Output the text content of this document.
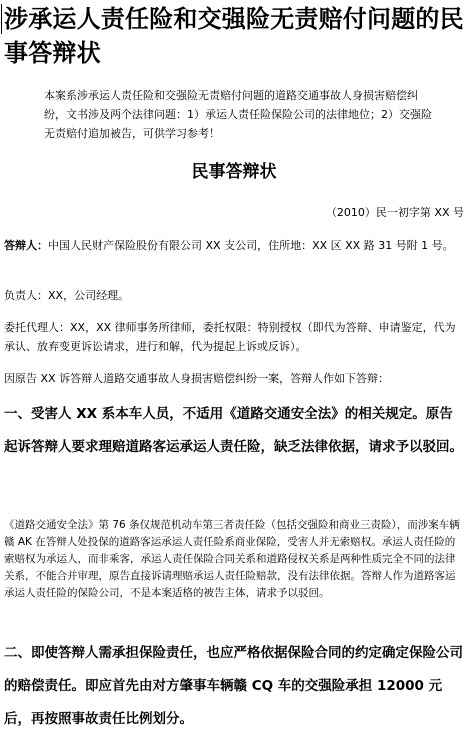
涉承运人责任险和交强险无责赔付问题的民事答辩状

本案系涉承运人责任险和交强险无责赔付问题的道路交通事故人身损害赔偿纠纷，文书涉及两个法律问题：1）承运人责任险保险公司的法律地位；2）交强险无责赔付追加被告，可供学习参考！

民事答辩状

（2010）民一初字第 XX 号

答辩人：中国人民财产保险股份有限公司 XX 支公司，住所地：XX 区 XX 路 31 号附 1 号。

负责人：XX，公司经理。

委托代理人：XX，XX 律师事务所律师，委托权限：特别授权（即代为答辩、申请鉴定，代为承认、放弃变更诉讼请求，进行和解，代为提起上诉或反诉）。

因原告 XX 诉答辩人道路交通事故人身损害赔偿纠纷一案，答辩人作如下答辩：

一、受害人 XX 系本车人员，不适用《道路交通安全法》的相关规定。原告起诉答辩人要求理赔道路客运承运人责任险，缺乏法律依据，请求予以驳回。

《道路交通安全法》第 76 条仅规范机动车第三者责任险（包括交强险和商业三责险），而涉案车辆赣 AK 在答辩人处投保的道路客运承运人责任险系商业保险，受害人并无索赔权。承运人责任险的索赔权为承运人，而非乘客，承运人责任保险合同关系和道路侵权关系是两种性质完全不同的法律关系，不能合并审理，原告直接诉请理赔承运人责任险赔款，没有法律依据。答辩人作为道路客运承运人责任险的保险公司，不是本案适格的被告主体，请求予以驳回。

二、即使答辩人需承担保险责任，也应严格依据保险合同的约定确定保险公司的赔偿责任。即应首先由对方肇事车辆赣 CQ 车的交强险承担 12000 元后，再按照事故责任比例划分。
